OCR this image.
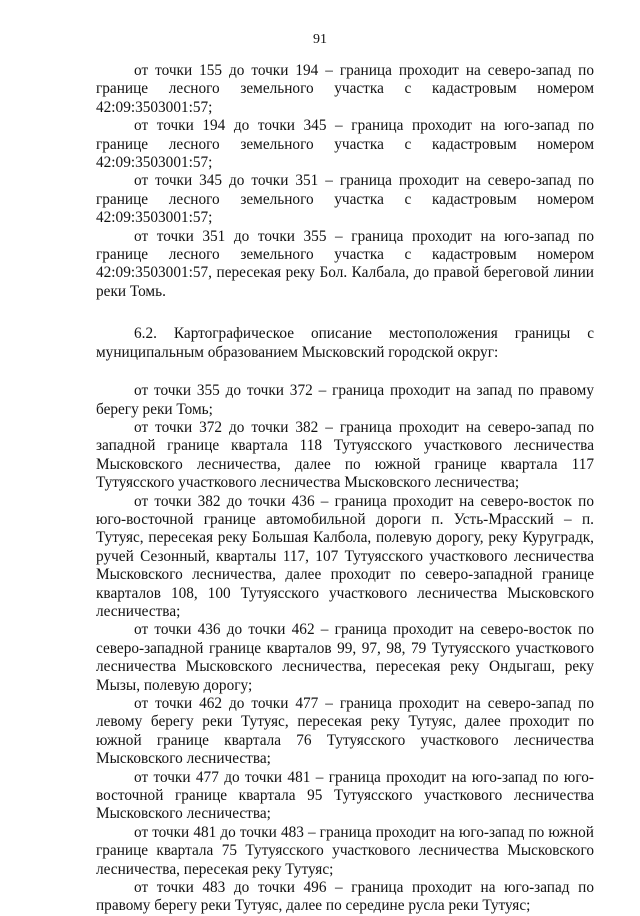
91

от точки 155 до точки 194 – граница проходит на северо-запад по границе лесного земельного участка с кадастровым номером 42:09:3503001:57;

от точки 194 до точки 345 – граница проходит на юго-запад по границе лесного земельного участка с кадастровым номером 42:09:3503001:57;

от точки 345 до точки 351 – граница проходит на северо-запад по границе лесного земельного участка с кадастровым номером 42:09:3503001:57;

от точки 351 до точки 355 – граница проходит на юго-запад по границе лесного земельного участка с кадастровым номером 42:09:3503001:57, пересекая реку Бол. Калбала, до правой береговой линии реки Томь.

6.2. Картографическое описание местоположения границы с муниципальным образованием Мысковский городской округ:

от точки 355 до точки 372 – граница проходит на запад по правому берегу реки Томь;

от точки 372 до точки 382 – граница проходит на северо-запад по западной границе квартала 118 Тутуясского участкового лесничества Мысковского лесничества, далее по южной границе квартала 117 Тутуясского участкового лесничества Мысковского лесничества;

от точки 382 до точки 436 – граница проходит на северо-восток по юго-восточной границе автомобильной дороги п. Усть-Мрасский – п. Тутуяс, пересекая реку Большая Калбола, полевую дорогу, реку Куруградк, ручей Сезонный, кварталы 117, 107 Тутуясского участкового лесничества Мысковского лесничества, далее проходит по северо-западной границе кварталов 108, 100 Тутуясского участкового лесничества Мысковского лесничества;

от точки 436 до точки 462 – граница проходит на северо-восток по северо-западной границе кварталов 99, 97, 98, 79 Тутуясского участкового лесничества Мысковского лесничества, пересекая реку Ондыгаш, реку Мызы, полевую дорогу;

от точки 462 до точки 477 – граница проходит на северо-запад по левому берегу реки Тутуяс, пересекая реку Тутуяс, далее проходит по южной границе квартала 76 Тутуясского участкового лесничества Мысковского лесничества;

от точки 477 до точки 481 – граница проходит на юго-запад по юго-восточной границе квартала 95 Тутуясского участкового лесничества Мысковского лесничества;

от точки 481 до точки 483 – граница проходит на юго-запад по южной границе квартала 75 Тутуясского участкового лесничества Мысковского лесничества, пересекая реку Тутуяс;

от точки 483 до точки 496 – граница проходит на юго-запад по правому берегу реки Тутуяс, далее по середине русла реки Тутуяс;
